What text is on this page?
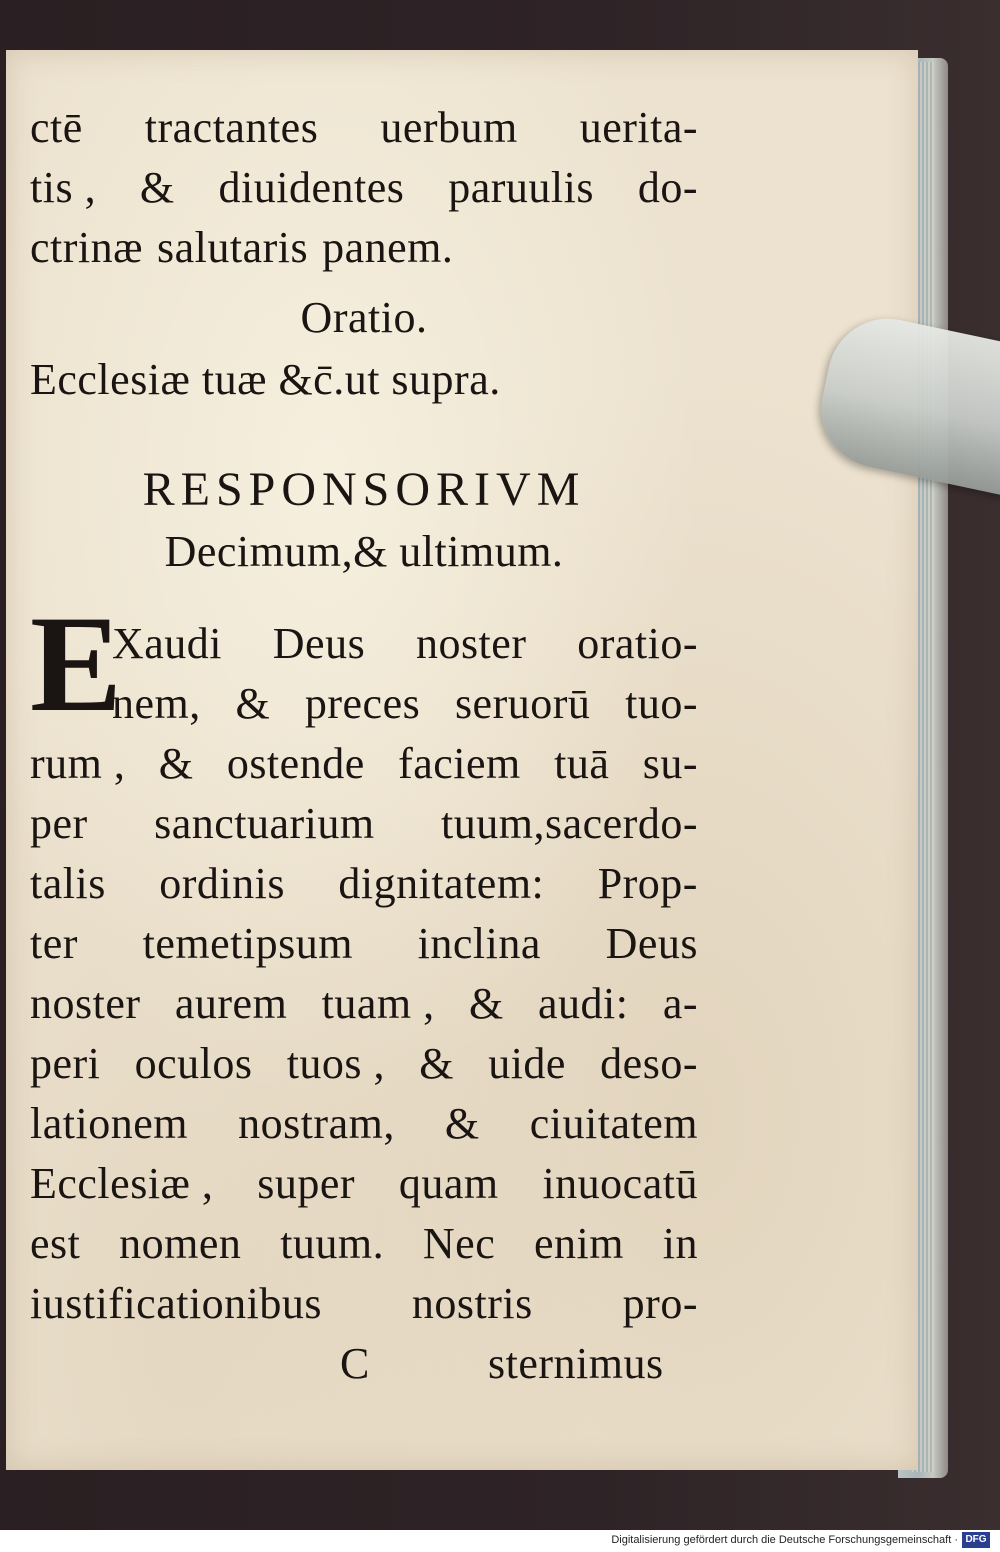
ctē tractantes uerbum uerita-
tis , & diuidentes paruulis do-
ctrinæ salutaris panem.
Oratio.
Ecclesiæ tuæ &c̄.ut supra.
RESPONSORIVM
Decimum,& ultimum.
E
Xaudi Deus noster oratio-
nem, & preces seruorū tuo-
rum , & ostende faciem tuā su-
per sanctuarium tuum,sacerdo-
talis ordinis dignitatem: Prop-
ter temetipsum inclina Deus
noster aurem tuam , & audi: a-
peri oculos tuos , & uide deso-
lationem nostram, & ciuitatem
Ecclesiæ , super quam inuocatū
est nomen tuum. Nec enim in
iustificationibus nostris pro-
C	sternimus
Digitalisierung gefördert durch die Deutsche Forschungsgemeinschaft · DFG
